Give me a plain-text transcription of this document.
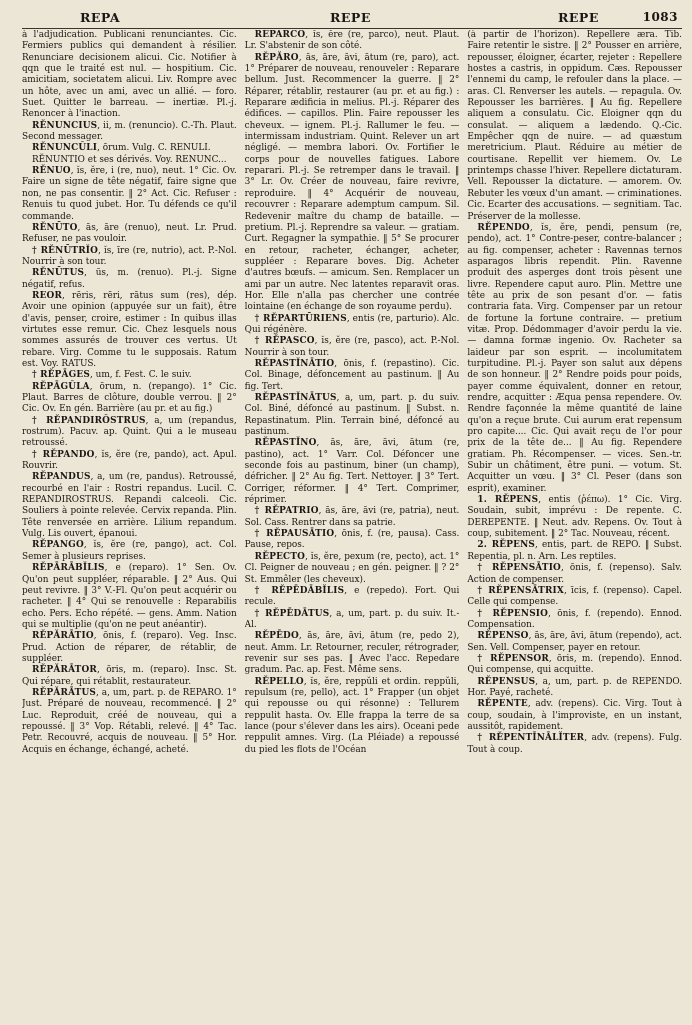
REPA	REPE	REPE	1083

à l'adjudication. Publicani renunciantes. Cic. Fermiers publics qui demandent à résilier. Renunciare decisionem alicui. Cic. Notifier à qqn que le traité est nul. — hospitium. Cic. amicitiam, societatem alicui. Liv. Rompre avec un hôte, avec un ami, avec un allié. — foro. Suet. Quitter le barreau. — inertiæ. Pl.-j. Renoncer à l'inaction.

RĔNUNCIUS, ii, m. (renuncio). C.-Th. Plaut. Second messager.

RĔNUNCŬLI, ōrum. Vulg. C. RENULI.

RĔNUNTIO et ses dérivés. Voy. RENUNC...

RĔNUO, ĭs, ĕre, i (re, nuo), neut. 1° Cic. Ov. Faire un signe de tête négatif, faire signe que non, ne pas consentir. ‖ 2° Act. Cic. Refuser : Renuis tu quod jubet. Hor. Tu défends ce qu'il commande.

RĔNŪTO, ās, āre (renuo), neut. Lr. Prud. Refuser, ne pas vouloir.

† RĔNŪTRĬO, ĭs, īre (re, nutrio), act. P.-Nol. Nourrir à son tour.

RĔNŪTUS, ūs, m. (renuo). Pl.-j. Signe négatif, refus.

REOR, rēris, rēri, rātus sum (res), dép. Avoir une opinion (appuyée sur un fait), être d'avis, penser, croire, estimer : In quibus illas virtutes esse remur. Cic. Chez lesquels nous sommes assurés de trouver ces vertus. Ut rebare. Virg. Comme tu le supposais. Ratum est. Voy. RATUS.

† RĔPĀGES, um, f. Fest. C. le suiv.

RĔPĀGŬLA, ōrum, n. (repango). 1° Cic. Plaut. Barres de clôture, double verrou. ‖ 2° Cic. Ov. En gén. Barrière (au pr. et au fig.)

† RĔPANDIRŎSTRUS, a, um (repandus, rostrum). Pacuv. ap. Quint. Qui a le museau retroussé.

† RĔPANDO, ĭs, ĕre (re, pando), act. Apul. Rouvrir.

RĔPANDUS, a, um (re, pandus). Retroussé, recourbé en l'air : Rostri repandus. Lucil. C. REPANDIROSTRUS. Repandi calceoli. Cic. Souliers à pointe relevée. Cervix repanda. Plin. Tête renversée en arrière. Lilium repandum. Vulg. Lis ouvert, épanoui.

RĔPANGO, ĭs, ĕre (re, pango), act. Col. Semer à plusieurs reprises.

RĔPĀRĀBĬLIS, e (reparo). 1° Sen. Ov. Qu'on peut suppléer, réparable. ‖ 2° Aus. Qui peut revivre. ‖ 3° V.-Fl. Qu'on peut acquérir ou racheter. ‖ 4° Qui se renouvelle : Reparabilis echo. Pers. Echo répété. — gens. Amm. Nation qui se multiplie (qu'on ne peut anéantir).

RĔPĂRĀTIO, ōnis, f. (reparo). Veg. Insc. Prud. Action de réparer, de rétablir, de suppléer.

RĔPĂRĀTOR, ōris, m. (reparo). Insc. St. Qui répare, qui rétablit, restaurateur.

RĔPĂRĀTUS, a, um, part. p. de REPARO. 1° Just. Préparé de nouveau, recommencé. ‖ 2° Luc. Reproduit, créé de nouveau, qui a repoussé. ‖ 3° Vop. Rétabli, relevé. ‖ 4° Tac. Petr. Recouvré, acquis de nouveau. ‖ 5° Hor. Acquis en échange, échangé, acheté.

RĔPARCO, ĭs, ĕre (re, parco), neut. Plaut. Lr. S'abstenir de son côté.

RĔPĂRO, ās, āre, āvi, ātum (re, paro), act. 1° Préparer de nouveau, renouveler : Reparare bellum. Just. Recommencer la guerre. ‖ 2° Réparer, rétablir, restaurer (au pr. et au fig.) : Reparare ædificia in melius. Pl.-j. Réparer des édifices. — capillos. Plin. Faire repousser les cheveux. — ignem. Pl.-j. Rallumer le feu. — intermissam industriam. Quint. Relever un art négligé. — membra labori. Ov. Fortifier le corps pour de nouvelles fatigues. Labore reparari. Pl.-j. Se retremper dans le travail. ‖ 3° Lr. Ov. Créer de nouveau, faire revivre, reproduire. ‖ 4° Acquérir de nouveau, recouvrer : Reparare ademptum campum. Sil. Redevenir maître du champ de bataille. — pretium. Pl.-j. Reprendre sa valeur. — gratiam. Curt. Regagner la sympathie. ‖ 5° Se procurer en retour, racheter, échanger, acheter, suppléer : Reparare boves. Dig. Acheter d'autres bœufs. — amicum. Sen. Remplacer un ami par un autre. Nec latentes reparavit oras. Hor. Elle n'alla pas chercher une contrée lointaine (en échange de son royaume perdu).

† RĔPARTŪRIENS, entis (re, parturio). Alc. Qui régénère.

† RĔPASCO, ĭs, ĕre (re, pasco), act. P.-Nol. Nourrir à son tour.

RĔPASTĬNĀTIO, ōnis, f. (repastino). Cic. Col. Binage, défoncement au pastinum. ‖ Au fig. Tert.

RĔPASTĬNĀTUS, a, um, part. p. du suiv. Col. Biné, défoncé au pastinum. ‖ Subst. n. Repastinatum. Plin. Terrain biné, défoncé au pastinum.

RĔPASTĬNO, ās, āre, āvi, ātum (re, pastino), act. 1° Varr. Col. Défoncer une seconde fois au pastinum, biner (un champ), défricher. ‖ 2° Au fig. Tert. Nettoyer. ‖ 3° Tert. Corriger, réformer. ‖ 4° Tert. Comprimer, réprimer.

† RĔPATRIO, ās, āre, āvi (re, patria), neut. Sol. Cass. Rentrer dans sa patrie.

† RĔPAUSĀTIO, ōnis, f. (re, pausa). Cass. Pause, repos.

RĔPECTO, ĭs, ĕre, pexum (re, pecto), act. 1° Cl. Peigner de nouveau ; en gén. peigner. ‖ ? 2° St. Emmêler (les cheveux).

† RĔPĒDĀBĬLIS, e (repedo). Fort. Qui recule.

† RĔPĒDĀTUS, a, um, part. p. du suiv. It.-Al.

RĔPĒDO, ās, āre, āvi, ātum (re, pedo 2), neut. Amm. Lr. Retourner, reculer, rétrograder, revenir sur ses pas. ‖ Avec l'acc. Repedare gradum. Pac. ap. Fest. Même sens.

RĔPELLO, ĭs, ĕre, reppŭli et ordin. reppŭli, repulsum (re, pello), act. 1° Frapper (un objet qui repousse ou qui résonne) : Tellurem reppulit hasta. Ov. Elle frappa la terre de sa lance (pour s'élever dans les airs). Oceani pede reppulit amnes. Virg. (La Pléiade) a repoussé du pied les flots de l'Océan

(à partir de l'horizon). Repellere æra. Tib. Faire retentir le sistre. ‖ 2° Pousser en arrière, repousser, éloigner, écarter, rejeter : Repellere hostes a castris, in oppidum. Cæs. Repousser l'ennemi du camp, le refouler dans la place. — aras. Cl. Renverser les autels. — repagula. Ov. Repousser les barrières. ‖ Au fig. Repellere aliquem a consulatu. Cic. Eloigner qqn du consulat. — aliquem a lædendo. Q.-Cic. Empêcher qqn de nuire. — ad quæstum meretricium. Plaut. Réduire au métier de courtisane. Repellit ver hiemem. Ov. Le printemps chasse l'hiver. Repellere dictaturam. Vell. Repousser la dictature. — amorem. Ov. Rebuter les vœux d'un amant. — criminationes. Cic. Ecarter des accusations. — segnitiam. Tac. Préserver de la mollesse.

RĔPENDO, ĭs, ĕre, pendi, pensum (re, pendo), act. 1° Contre-peser, contre-balancer ; au fig. compenser, acheter : Ravennas ternos asparagos libris rependit. Plin. Ravenne produit des asperges dont trois pèsent une livre. Rependere caput auro. Plin. Mettre une tête au prix de son pesant d'or. — fatis contraria fata. Virg. Compenser par un retour de fortune la fortune contraire. — pretium vitæ. Prop. Dédommager d'avoir perdu la vie. — damna formæ ingenio. Ov. Racheter sa laideur par son esprit. — incolumitatem turpitudine. Pl.-j. Payer son salut aux dépens de son honneur. ‖ 2° Rendre poids pour poids, payer comme équivalent, donner en retour, rendre, acquitter : Æqua pensa rependere. Ov. Rendre façonnée la même quantité de laine qu'on a reçue brute. Cui aurum erat repensum pro capite.... Cic. Qui avait reçu de l'or pour prix de la tête de... ‖ Au fig. Rependere gratiam. Ph. Récompenser. — vices. Sen.-tr. Subir un châtiment, être puni. — votum. St. Acquitter un vœu. ‖ 3° Cl. Peser (dans son esprit), examiner.

1. RĔPENS, entis (ῥέπω). 1° Cic. Virg. Soudain, subit, imprévu : De repente. C. DEREPENTE. ‖ Neut. adv. Repens. Ov. Tout à coup, subitement. ‖ 2° Tac. Nouveau, récent.

2. RĔPENS, entis, part. de REPO. ‖ Subst. Repentia, pl. n. Arn. Les reptiles.

† RĔPENSĀTIO, ōnis, f. (repenso). Salv. Action de compenser.

† RĔPENSĀTRIX, īcis, f. (repenso). Capel. Celle qui compense.

† RĔPENSIO, ōnis, f. (rependo). Ennod. Compensation.

RĔPENSO, ās, āre, āvi, ātum (rependo), act. Sen. Vell. Compenser, payer en retour.

† RĔPENSOR, ōris, m. (rependo). Ennod. Qui compense, qui acquitte.

RĔPENSUS, a, um, part. p. de REPENDO. Hor. Payé, racheté.

RĔPENTE, adv. (repens). Cic. Virg. Tout à coup, soudain, à l'improviste, en un instant, aussitôt, rapidement.

† RĔPENTĪNĀLĬTER, adv. (repens). Fulg. Tout à coup.
